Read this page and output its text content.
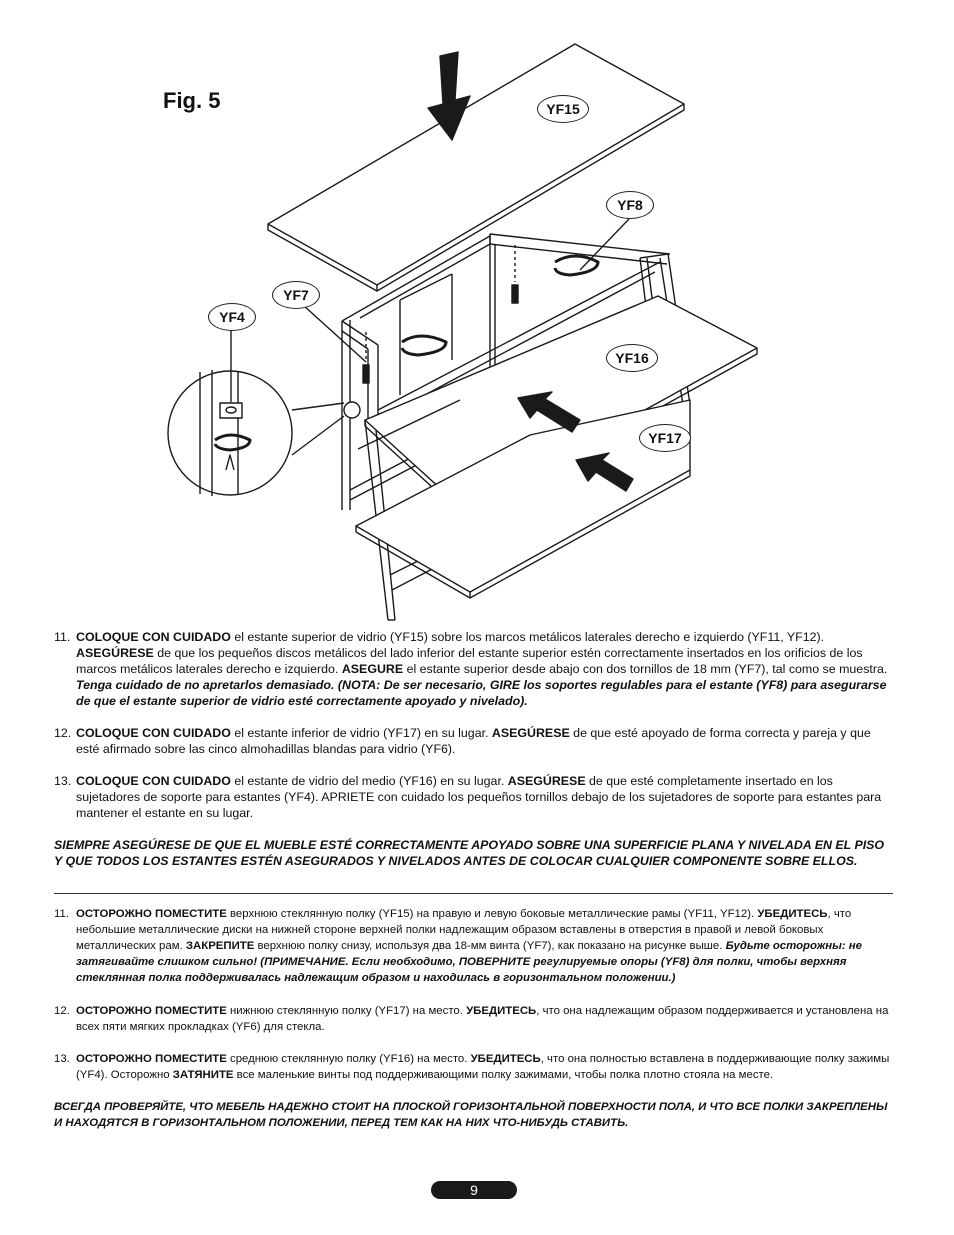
Fig. 5	YF15
YF8
YF7
YF4
YF16
YF17

11. COLOQUE CON CUIDADO el estante superior de vidrio (YF15) sobre los marcos metálicos laterales derecho e izquierdo (YF11, YF12). ASEGÚRESE de que los pequeños discos metálicos del lado inferior del estante superior estén correctamente insertados en los orificios de los marcos metálicos laterales derecho e izquierdo. ASEGURE el estante superior desde abajo con dos tornillos de 18 mm (YF7), tal como se muestra. Tenga cuidado de no apretarlos demasiado. (NOTA: De ser necesario, GIRE los soportes regulables para el estante (YF8) para asegurarse de que el estante superior de vidrio esté correctamente apoyado y nivelado).

12. COLOQUE CON CUIDADO el estante inferior de vidrio (YF17) en su lugar. ASEGÚRESE de que esté apoyado de forma correcta y pareja y que esté afirmado sobre las cinco almohadillas blandas para vidrio (YF6).

13. COLOQUE CON CUIDADO el estante de vidrio del medio (YF16) en su lugar. ASEGÚRESE de que esté completamente insertado en los sujetadores de soporte para estantes (YF4). APRIETE con cuidado los pequeños tornillos debajo de los sujetadores de soporte para estantes para mantener el estante en su lugar.

SIEMPRE ASEGÚRESE DE QUE EL MUEBLE ESTÉ CORRECTAMENTE APOYADO SOBRE UNA SUPERFICIE PLANA Y NIVELADA EN EL PISO Y QUE TODOS LOS ESTANTES ESTÉN ASEGURADOS Y NIVELADOS ANTES DE COLOCAR CUALQUIER COMPONENTE SOBRE ELLOS.

11. ОСТОРОЖНО ПОМЕСТИТЕ верхнюю стеклянную полку (YF15) на правую и левую боковые металлические рамы (YF11, YF12). УБЕДИТЕСЬ, что небольшие металлические диски на нижней стороне верхней полки надлежащим образом вставлены в отверстия в правой и левой боковых металлических рам. ЗАКРЕПИТЕ верхнюю полку снизу, используя два 18-мм винта (YF7), как показано на рисунке выше. Будьте осторожны: не затягивайте слишком сильно! (ПРИМЕЧАНИЕ. Если необходимо, ПОВЕРНИТЕ регулируемые опоры (YF8) для полки, чтобы верхняя стеклянная полка поддерживалась надлежащим образом и находилась в горизонтальном положении.)

12. ОСТОРОЖНО ПОМЕСТИТЕ нижнюю стеклянную полку (YF17) на место. УБЕДИТЕСЬ, что она надлежащим образом поддерживается и установлена на всех пяти мягких прокладках (YF6) для стекла.

13. ОСТОРОЖНО ПОМЕСТИТЕ среднюю стеклянную полку (YF16) на место. УБЕДИТЕСЬ, что она полностью вставлена в поддерживающие полку зажимы (YF4). Осторожно ЗАТЯНИТЕ все маленькие винты под поддерживающими полку зажимами, чтобы полка плотно стояла на месте.

ВСЕГДА ПРОВЕРЯЙТЕ, ЧТО МЕБЕЛЬ НАДЕЖНО СТОИТ НА ПЛОСКОЙ ГОРИЗОНТАЛЬНОЙ ПОВЕРХНОСТИ ПОЛА, И ЧТО ВСЕ ПОЛКИ ЗАКРЕПЛЕНЫ И НАХОДЯТСЯ В ГОРИЗОНТАЛЬНОМ ПОЛОЖЕНИИ, ПЕРЕД ТЕМ КАК НА НИХ ЧТО-НИБУДЬ СТАВИТЬ.

9
